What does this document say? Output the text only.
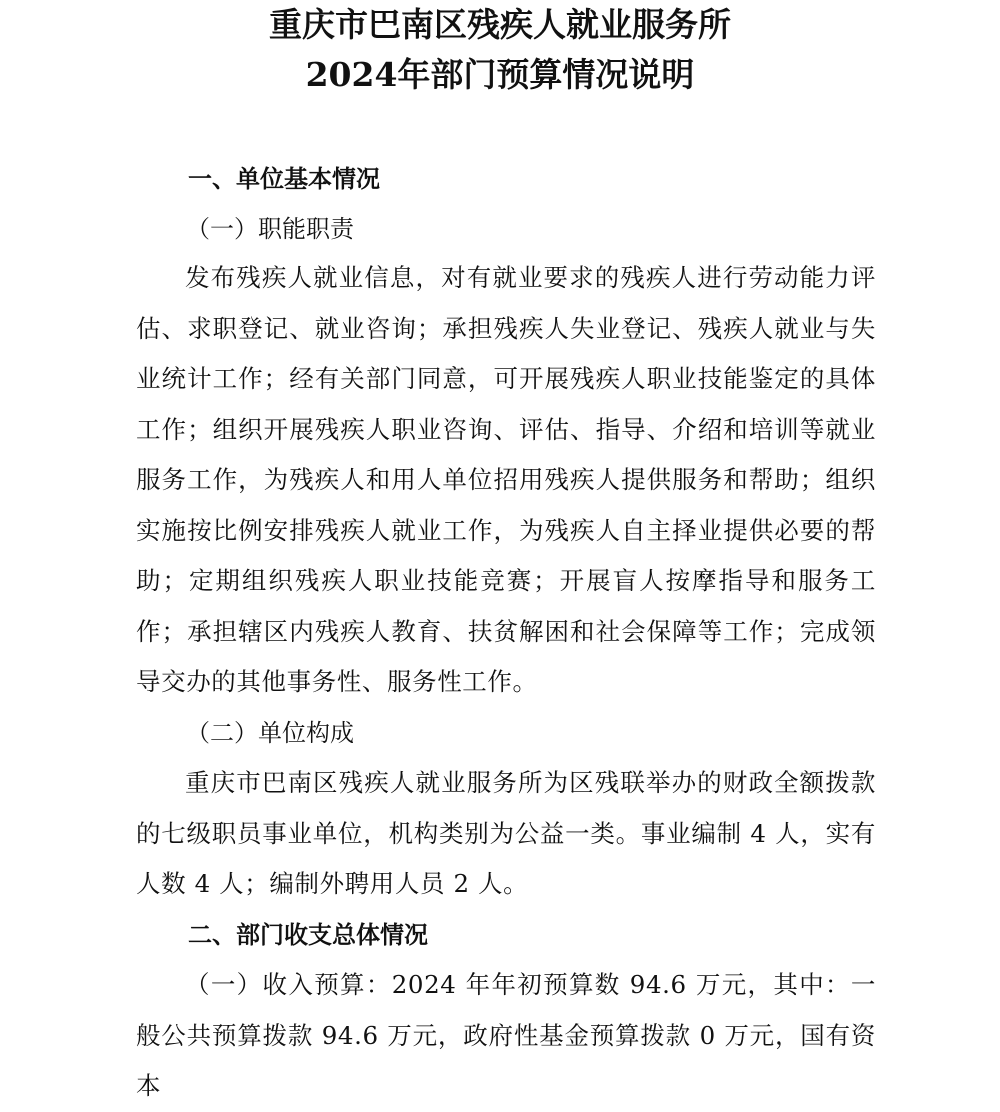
重庆市巴南区残疾人就业服务所
2024年部门预算情况说明
一、单位基本情况
（一）职能职责

发布残疾人就业信息，对有就业要求的残疾人进行劳动能力评估、求职登记、就业咨询；承担残疾人失业登记、残疾人就业与失业统计工作；经有关部门同意，可开展残疾人职业技能鉴定的具体工作；组织开展残疾人职业咨询、评估、指导、介绍和培训等就业服务工作，为残疾人和用人单位招用残疾人提供服务和帮助；组织实施按比例安排残疾人就业工作，为残疾人自主择业提供必要的帮助；定期组织残疾人职业技能竞赛；开展盲人按摩指导和服务工作；承担辖区内残疾人教育、扶贫解困和社会保障等工作；完成领导交办的其他事务性、服务性工作。

（二）单位构成

重庆市巴南区残疾人就业服务所为区残联举办的财政全额拨款的七级职员事业单位，机构类别为公益一类。事业编制 4 人，实有人数 4 人；编制外聘用人员 2 人。

二、部门收支总体情况

（一）收入预算：2024 年年初预算数 94.6 万元，其中：一般公共预算拨款 94.6 万元，政府性基金预算拨款 0 万元，国有资本
